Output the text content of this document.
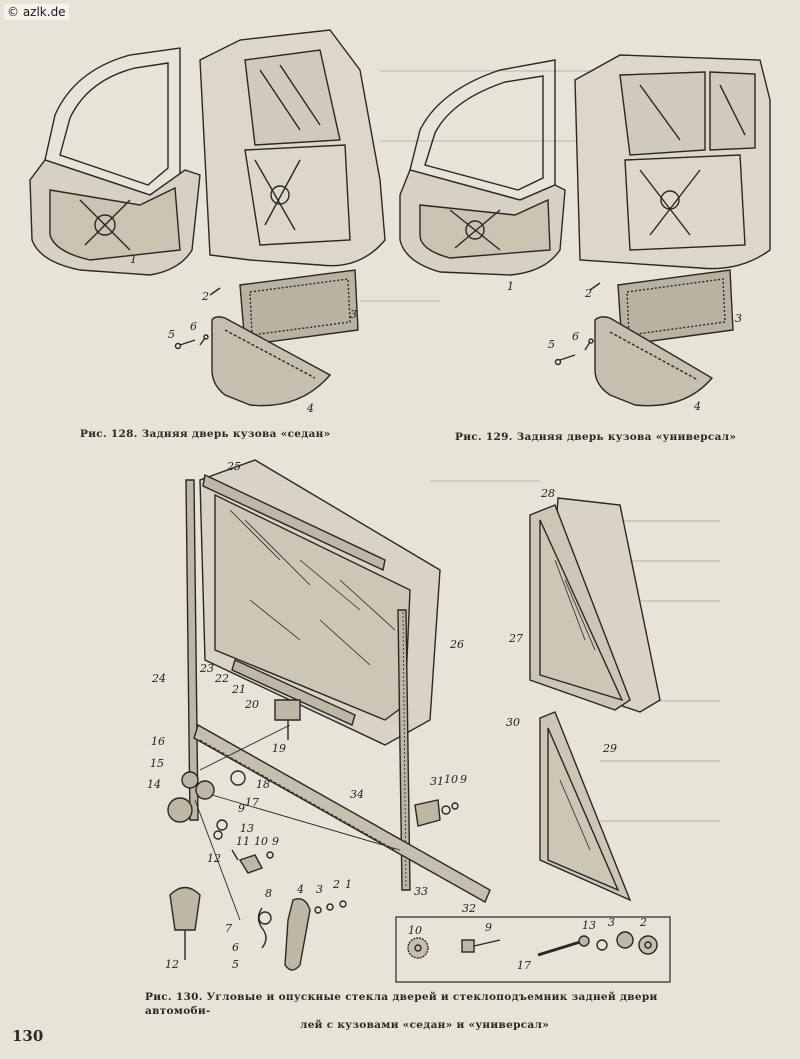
© azlk.de
1
2
3
4
5
6
1
2
3
4
5
6
25
26
24
23
22
21
20
19
18
17
16
15
14
13
12
11 10
9
9
8
7
6
5
4 3 2 1
12
34
31 10 9
33
32
28
27
30
29
10	9
17
13 3 2
Рис. 128. Задняя дверь кузова «седан»	Рис. 129. Задняя дверь кузова «универсал»
Рис. 130. Угловые и опускные стекла дверей и стеклоподъемник задней двери автомоби-
лей с кузовами «седан» и «универсал»
130
